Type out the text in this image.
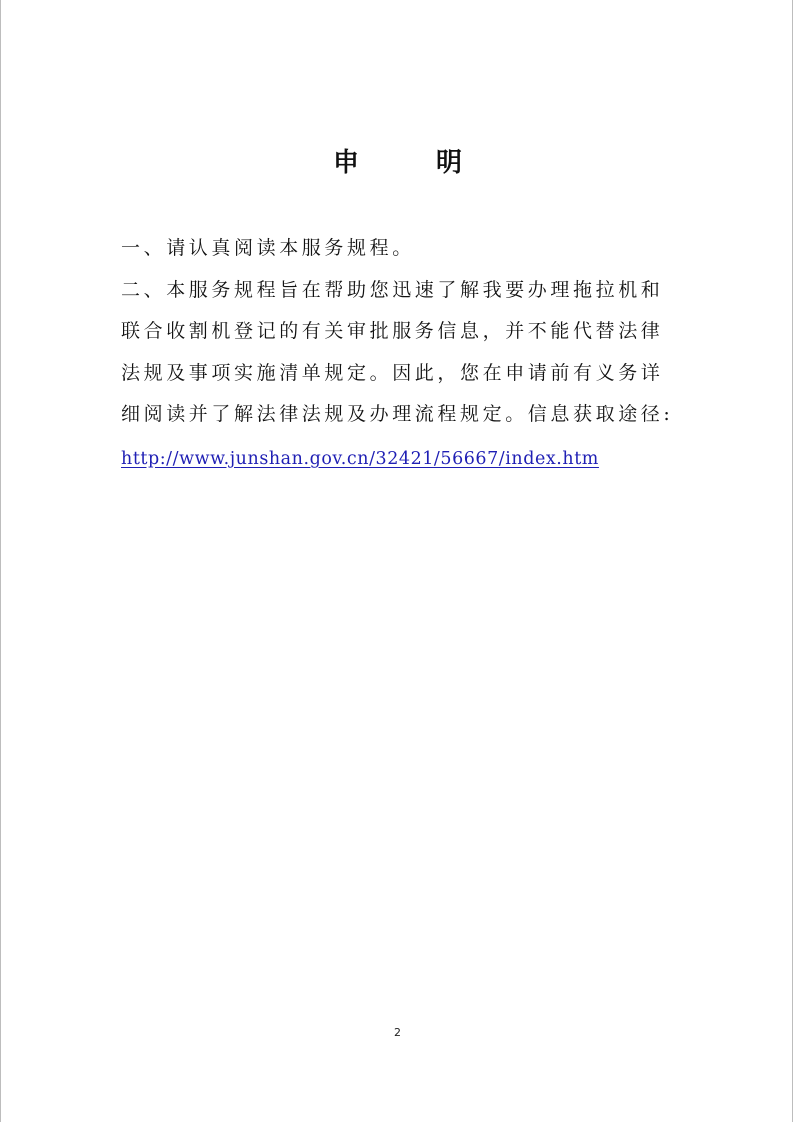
申 明

一、请认真阅读本服务规程。

二、本服务规程旨在帮助您迅速了解我要办理拖拉机和联合收割机登记的有关审批服务信息，并不能代替法律法规及事项实施清单规定。因此，您在申请前有义务详细阅读并了解法律法规及办理流程规定。信息获取途径:

http://www.junshan.gov.cn/32421/56667/index.htm
2
